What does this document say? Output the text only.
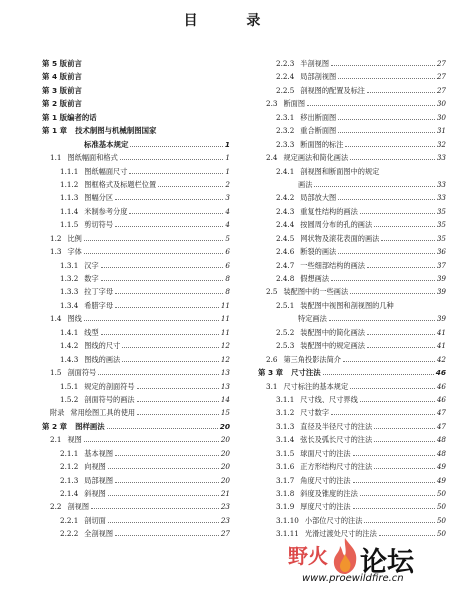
目 录
第 5 版前言
第 4 版前言
第 3 版前言
第 2 版前言
第 1 版编者的话
第 1 章 技术制图与机械制图国家
标准基本规定	1
1.1 图纸幅面和格式	1
1.1.1 图纸幅面尺寸	1
1.1.2 图框格式及标题栏位置	2
1.1.3 图幅分区	3
1.1.4 米制参考分度	4
1.1.5 剪切符号	4
1.2 比例	5
1.3 字体	6
1.3.1 汉字	6
1.3.2 数字	8
1.3.3 拉丁字母	8
1.3.4 希腊字母	11
1.4 图线	11
1.4.1 线型	11
1.4.2 图线的尺寸	12
1.4.3 图线的画法	12
1.5 剖面符号	13
1.5.1 规定的剖面符号	13
1.5.2 剖面符号的画法	14
附录 常用绘图工具的使用	15
第 2 章 图样画法	20
2.1 视图	20
2.1.1 基本视图	20
2.1.2 向视图	20
2.1.3 局部视图	20
2.1.4 斜视图	21
2.2 剖视图	23
2.2.1 剖切面	23
2.2.2 全剖视图	27
2.2.3 半剖视图	27
2.2.4 局部剖视图	27
2.2.5 剖视图的配置及标注	27
2.3 断面图	30
2.3.1 移出断面图	30
2.3.2 重合断面图	31
2.3.3 断面图的标注	32
2.4 规定画法和简化画法	33
2.4.1 剖视图和断面图中的规定
画法	33
2.4.2 局部放大图	33
2.4.3 重复性结构的画法	35
2.4.4 按圆周分布的孔的画法	35
2.4.5 网状物及滚花表面的画法	35
2.4.6 断裂的画法	36
2.4.7 一些细部结构的画法	37
2.4.8 假想画法	39
2.5 装配图中的一些画法	39
2.5.1 装配图中视图和剖视图的几种
特定画法	39
2.5.2 装配图中的简化画法	41
2.5.3 装配图中的规定画法	41
2.6 第三角投影法简介	42
第 3 章 尺寸注法	46
3.1 尺寸标注的基本规定	46
3.1.1 尺寸线、尺寸界线	46
3.1.2 尺寸数字	47
3.1.3 直径及半径尺寸的注法	47
3.1.4 弦长及弧长尺寸的注法	48
3.1.5 球面尺寸的注法	48
3.1.6 正方形结构尺寸的注法	49
3.1.7 角度尺寸的注法	49
3.1.8 斜度及锥度的注法	50
3.1.9 厚度尺寸的注法	50
3.1.10 小部位尺寸的注法	50
3.1.11 光滑过渡处尺寸的注法	50
野火 论坛
www.proewildfire.cn
